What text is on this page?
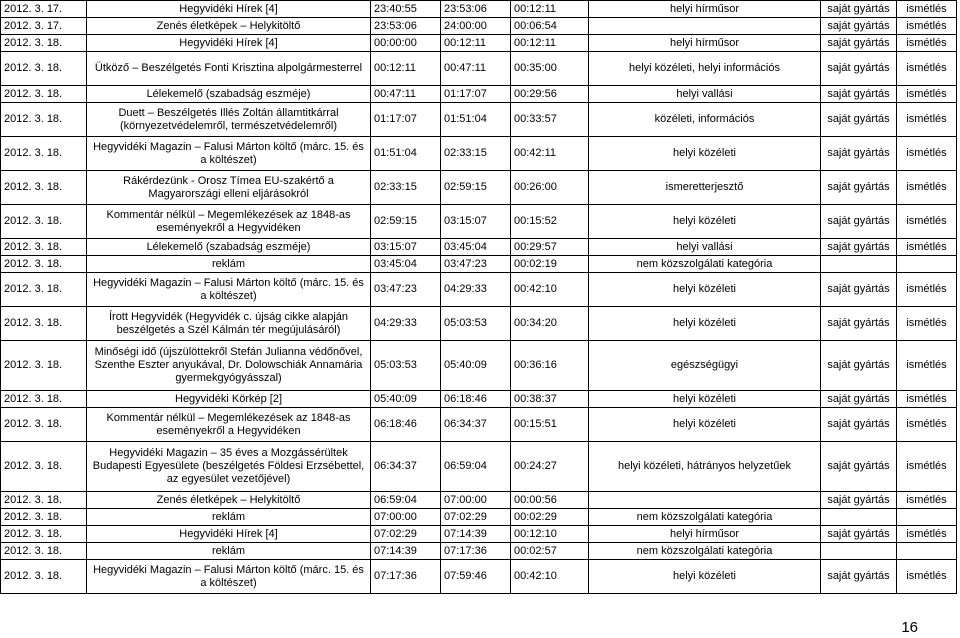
2012. 3. 17.	Hegyvidéki Hírek [4]	23:40:55	23:53:06	00:12:11	helyi hírműsor	saját gyártás	ismétlés
2012. 3. 17.	Zenés életképek – Helykitöltő	23:53:06	24:00:00	00:06:54		saját gyártás	ismétlés
2012. 3. 18.	Hegyvidéki Hírek [4]	00:00:00	00:12:11	00:12:11	helyi hírműsor	saját gyártás	ismétlés
2012. 3. 18.	Ütköző – Beszélgetés Fonti Krisztina alpolgármesterrel	00:12:11	00:47:11	00:35:00	helyi közéleti, helyi információs	saját gyártás	ismétlés
2012. 3. 18.	Lélekemelő (szabadság eszméje)	00:47:11	01:17:07	00:29:56	helyi vallási	saját gyártás	ismétlés
2012. 3. 18.	Duett – Beszélgetés Illés Zoltán államtitkárral (környezetvédelemről, természetvédelemről)	01:17:07	01:51:04	00:33:57	közéleti, információs	saját gyártás	ismétlés
2012. 3. 18.	Hegyvidéki Magazin – Falusi Márton költő (márc. 15. és a költészet)	01:51:04	02:33:15	00:42:11	helyi közéleti	saját gyártás	ismétlés
2012. 3. 18.	Rákérdezünk - Orosz Tímea EU-szakértő a Magyarországi elleni eljárásokról	02:33:15	02:59:15	00:26:00	ismeretterjesztő	saját gyártás	ismétlés
2012. 3. 18.	Kommentár nélkül – Megemlékezések az 1848-as eseményekről a Hegyvidéken	02:59:15	03:15:07	00:15:52	helyi közéleti	saját gyártás	ismétlés
2012. 3. 18.	Lélekemelő (szabadság eszméje)	03:15:07	03:45:04	00:29:57	helyi vallási	saját gyártás	ismétlés
2012. 3. 18.	reklám	03:45:04	03:47:23	00:02:19	nem közszolgálati kategória		
2012. 3. 18.	Hegyvidéki Magazin – Falusi Márton költő (márc. 15. és a költészet)	03:47:23	04:29:33	00:42:10	helyi közéleti	saját gyártás	ismétlés
2012. 3. 18.	Írott Hegyvidék (Hegyvidék c. újság cikke alapján beszélgetés a Szél Kálmán tér megújulásáról)	04:29:33	05:03:53	00:34:20	helyi közéleti	saját gyártás	ismétlés
2012. 3. 18.	Minőségi idő (újszülöttekről Stefán Julianna védőnővel, Szenthe Eszter anyukával, Dr. Dolowschiák Annamária gyermekgyógyásszal)	05:03:53	05:40:09	00:36:16	egészségügyi	saját gyártás	ismétlés
2012. 3. 18.	Hegyvidéki Körkép [2]	05:40:09	06:18:46	00:38:37	helyi közéleti	saját gyártás	ismétlés
2012. 3. 18.	Kommentár nélkül – Megemlékezések az 1848-as eseményekről a Hegyvidéken	06:18:46	06:34:37	00:15:51	helyi közéleti	saját gyártás	ismétlés
2012. 3. 18.	Hegyvidéki Magazin – 35 éves a Mozgássérültek Budapesti Egyesülete (beszélgetés Földesi Erzsébettel, az egyesület vezetőjével)	06:34:37	06:59:04	00:24:27	helyi közéleti, hátrányos helyzetűek	saját gyártás	ismétlés
2012. 3. 18.	Zenés életképek – Helykitöltő	06:59:04	07:00:00	00:00:56		saját gyártás	ismétlés
2012. 3. 18.	reklám	07:00:00	07:02:29	00:02:29	nem közszolgálati kategória		
2012. 3. 18.	Hegyvidéki Hírek [4]	07:02:29	07:14:39	00:12:10	helyi hírműsor	saját gyártás	ismétlés
2012. 3. 18.	reklám	07:14:39	07:17:36	00:02:57	nem közszolgálati kategória		
2012. 3. 18.	Hegyvidéki Magazin – Falusi Márton költő (márc. 15. és a költészet)	07:17:36	07:59:46	00:42:10	helyi közéleti	saját gyártás	ismétlés
16
